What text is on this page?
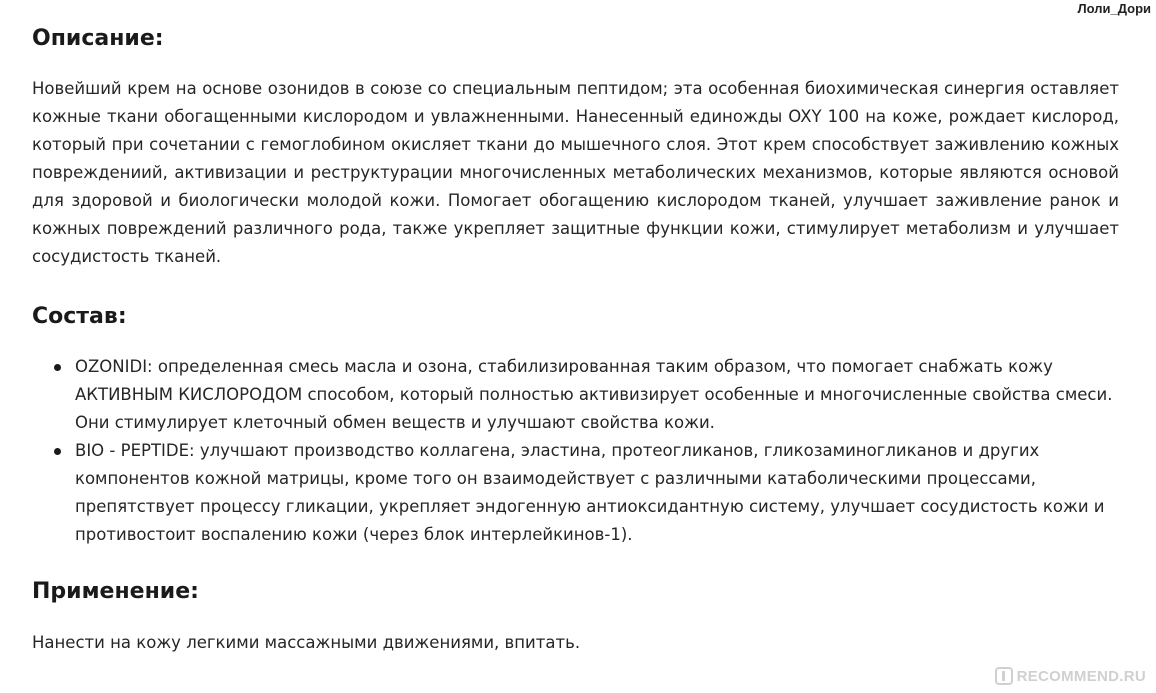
Лоли_Дори
Описание:

Новейший крем на основе озонидов в союзе со специальным пептидом; эта особенная биохимическая синергия оставляет кожные ткани обогащенными кислородом и увлажненными. Нанесенный единожды OXY 100 на коже, рождает кислород, который при сочетании с гемоглобином окисляет ткани до мышечного слоя. Этот крем способствует заживлению кожных повреждениий, активизации и реструктурации многочисленных метаболических механизмов, которые являются основой для здоровой и биологически молодой кожи. Помогает обогащению кислородом тканей, улучшает заживление ранок и кожных повреждений различного рода, также укрепляет защитные функции кожи, стимулирует метаболизм и улучшает сосудистость тканей.

Состав:
OZONIDI: определенная смесь масла и озона, стабилизированная таким образом, что помогает снабжать кожу АКТИВНЫМ КИСЛОРОДОМ способом, который полностью активизирует особенные и многочисленные свойства смеси. Они стимулирует клеточный обмен веществ и улучшают свойства кожи.
BIO - PEPTIDE: улучшают производство коллагена, эластина, протеогликанов, гликозаминогликанов и других компонентов кожной матрицы, кроме того он взаимодействует с различными катаболическими процессами, препятствует процессу гликации, укрепляет эндогенную антиоксидантную систему, улучшает сосудистость кожи и противостоит воспалению кожи (через блок интерлейкинов-1).
Применение:

Нанести на кожу легкими массажными движениями, впитать.

RECOMMEND.RU
